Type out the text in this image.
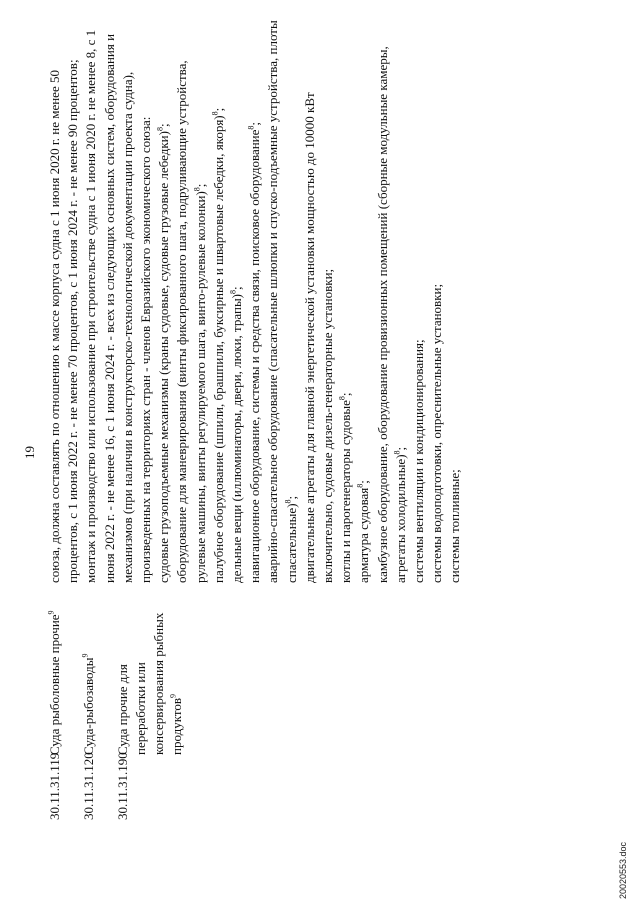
19
30.11.31.119
Суда рыболовные прочие$^9$
30.11.31.120
Суда-рыбозаводы$^9$
30.11.31.190
Суда прочие для переработки или консервирования рыбных продуктов$^9$

союза, должна составлять по отношению к массе корпуса судна с 1 июня 2020 г. не менее 50 процентов, с 1 июня 2022 г. - не менее 70 процентов, с 1 июня 2024 г. - не менее 90 процентов; монтаж и производство или использование при строительстве судна с 1 июня 2020 г. не менее 8, с 1 июня 2022 г. - не менее 16, с 1 июня 2024 г. - всех из следующих основных систем, оборудования и механизмов (при наличии в конструкторско-технологической документации проекта судна), произведенных на территориях стран - членов Евразийского экономического союза: судовые грузоподъемные механизмы (краны судовые, судовые грузовые лебедки)$^8$; оборудование для маневрирования (винты фиксированного шага, подруливающие устройства, рулевые машины, винты регулируемого шага, винто-рулевые колонки)$^8$; палубное оборудование (шпили, брашпили, буксирные и швартовые лебедки, якоря)$^8$;

дельные вещи (иллюминаторы, двери, люки, трапы)$^8$; навигационное оборудование, системы и средства связи, поисковое оборудование$^8$; аварийно-спасательное оборудование (спасательные шлюпки и спуско-подъемные устройства, плоты спасательные)$^8$; двигательные агрегаты для главной энергетической установки мощностью до 10000 кВт включительно, судовые дизель-генераторные установки; котлы и парогенераторы судовые$^8$;

арматура судовая$^8$; камбузное оборудование, оборудование провизионных помещений (сборные модульные камеры, агрегаты холодильные)$^8$; системы вентиляции и кондиционирования; системы водоподготовки, опреснительные установки; системы топливные;

20020553.doc
